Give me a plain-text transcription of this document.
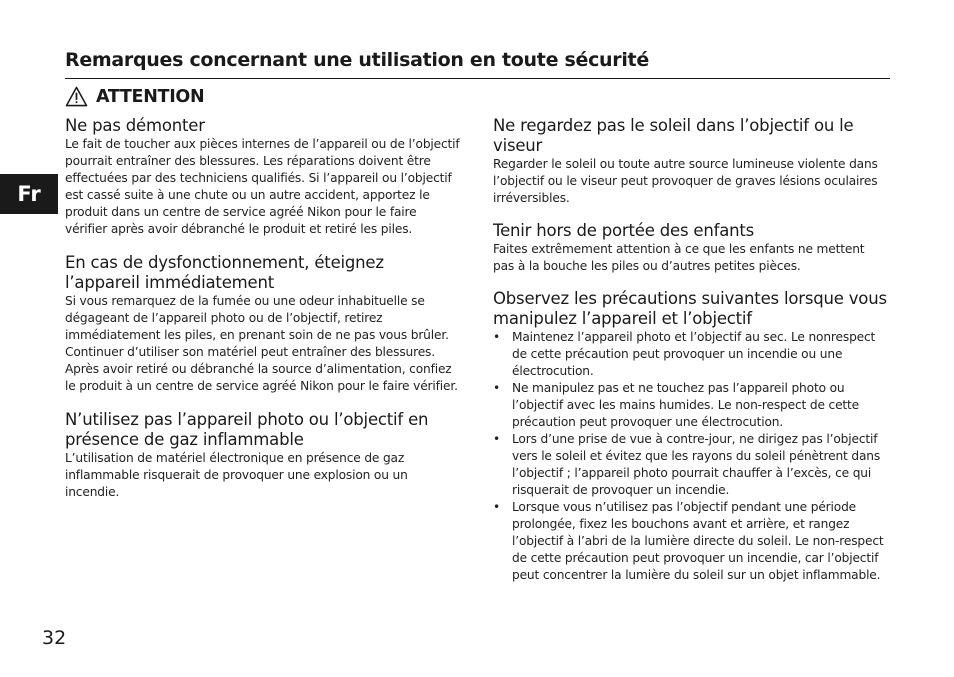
Fr
Remarques concernant une utilisation en toute sécurité
ATTENTION
Ne pas démonter

Le fait de toucher aux pièces internes de l’appareil ou de l’objectif pourrait entraîner des blessures. Les réparations doivent être effectuées par des techniciens qualifiés. Si l’appareil ou l’objectif est cassé suite à une chute ou un autre accident, apportez le produit dans un centre de service agréé Nikon pour le faire vérifier après avoir débranché le produit et retiré les piles.

En cas de dysfonctionnement, éteignez l’appareil immédiatement

Si vous remarquez de la fumée ou une odeur inhabituelle se dégageant de l’appareil photo ou de l’objectif, retirez immédiatement les piles, en prenant soin de ne pas vous brûler. Continuer d’utiliser son matériel peut entraîner des blessures.

Après avoir retiré ou débranché la source d’alimentation, confiez le produit à un centre de service agréé Nikon pour le faire vérifier.

N’utilisez pas l’appareil photo ou l’objectif en présence de gaz inflammable

L’utilisation de matériel électronique en présence de gaz inflammable risquerait de provoquer une explosion ou un incendie.

Ne regardez pas le soleil dans l’objectif ou le viseur

Regarder le soleil ou toute autre source lumineuse violente dans l’objectif ou le viseur peut provoquer de graves lésions oculaires irréversibles.

Tenir hors de portée des enfants

Faites extrêmement attention à ce que les enfants ne mettent pas à la bouche les piles ou d’autres petites pièces.

Observez les précautions suivantes lorsque vous manipulez l’appareil et l’objectif
• Maintenez l’appareil photo et l’objectif au sec. Le nonrespect de cette précaution peut provoquer un incendie ou une électrocution.
• Ne manipulez pas et ne touchez pas l’appareil photo ou l’objectif avec les mains humides. Le non-respect de cette précaution peut provoquer une électrocution.
• Lors d’une prise de vue à contre-jour, ne dirigez pas l’objectif vers le soleil et évitez que les rayons du soleil pénètrent dans l’objectif ; l’appareil photo pourrait chauffer à l’excès, ce qui risquerait de provoquer un incendie.
• Lorsque vous n’utilisez pas l’objectif pendant une période prolongée, fixez les bouchons avant et arrière, et rangez l’objectif à l’abri de la lumière directe du soleil. Le non-respect de cette précaution peut provoquer un incendie, car l’objectif peut concentrer la lumière du soleil sur un objet inflammable.
32
